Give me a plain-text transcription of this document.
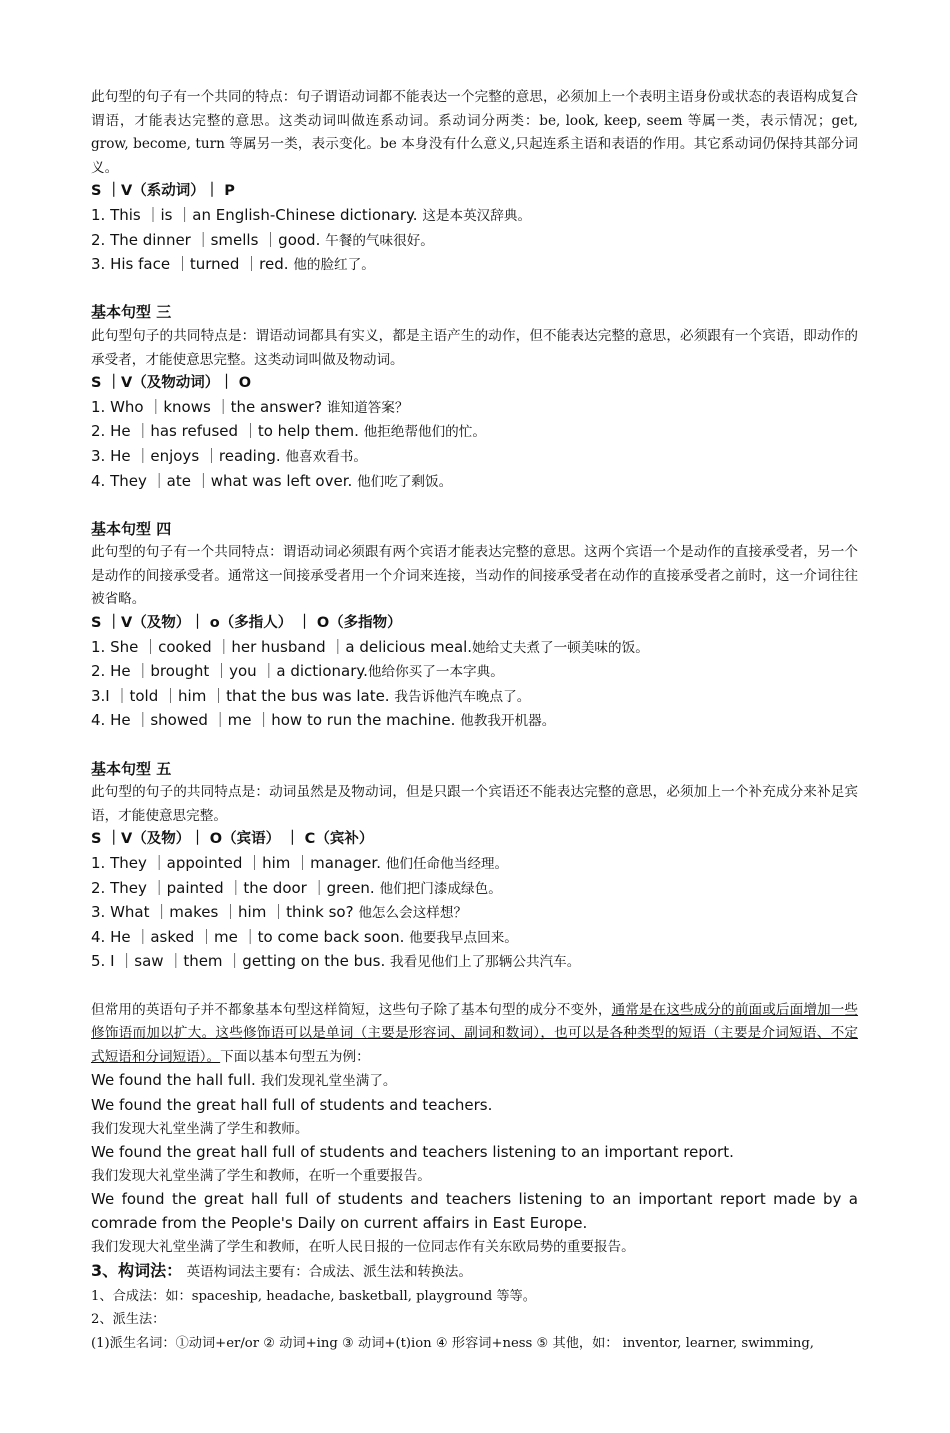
此句型的句子有一个共同的特点：句子谓语动词都不能表达一个完整的意思，必须加上一个表明主语身份或状态的表语构成复合谓语，才能表达完整的意思。这类动词叫做连系动词。系动词分两类：be, look, keep, seem 等属一类，表示情况；get, grow, become, turn 等属另一类，表示变化。be 本身没有什么意义,只起连系主语和表语的作用。其它系动词仍保持其部分词义。

S ｜V（系动词）｜ P

1. This ｜is ｜an English-Chinese dictionary. 这是本英汉辞典。

2. The dinner ｜smells ｜good. 午餐的气味很好。

3. His face ｜turned ｜red. 他的脸红了。

基本句型 三

此句型句子的共同特点是：谓语动词都具有实义，都是主语产生的动作，但不能表达完整的意思，必须跟有一个宾语，即动作的承受者，才能使意思完整。这类动词叫做及物动词。

S ｜V（及物动词）｜ O

1. Who ｜knows ｜the answer? 谁知道答案？

2. He ｜has refused ｜to help them. 他拒绝帮他们的忙。

3. He ｜enjoys ｜reading. 他喜欢看书。

4. They ｜ate ｜what was left over. 他们吃了剩饭。

基本句型 四

此句型的句子有一个共同特点：谓语动词必须跟有两个宾语才能表达完整的意思。这两个宾语一个是动作的直接承受者，另一个是动作的间接承受者。通常这一间接承受者用一个介词来连接，当动作的间接承受者在动作的直接承受者之前时，这一介词往往被省略。

S ｜V（及物）｜ o（多指人） ｜ O（多指物）

1. She ｜cooked ｜her husband ｜a delicious meal.她给丈夫煮了一顿美味的饭。

2. He ｜brought ｜you ｜a dictionary.他给你买了一本字典。

3.I ｜told ｜him ｜that the bus was late. 我告诉他汽车晚点了。

4. He ｜showed ｜me ｜how to run the machine. 他教我开机器。

基本句型 五

此句型的句子的共同特点是：动词虽然是及物动词，但是只跟一个宾语还不能表达完整的意思，必须加上一个补充成分来补足宾语，才能使意思完整。

S ｜V（及物）｜ O（宾语） ｜ C（宾补）

1. They ｜appointed ｜him ｜manager. 他们任命他当经理。

2. They ｜painted ｜the door ｜green. 他们把门漆成绿色。

3. What ｜makes ｜him ｜think so? 他怎么会这样想？

4. He ｜asked ｜me ｜to come back soon. 他要我早点回来。

5. I ｜saw ｜them ｜getting on the bus. 我看见他们上了那辆公共汽车。

但常用的英语句子并不都象基本句型这样简短，这些句子除了基本句型的成分不变外，通常是在这些成分的前面或后面增加一些修饰语而加以扩大。这些修饰语可以是单词（主要是形容词、副词和数词），也可以是各种类型的短语（主要是介词短语、不定式短语和分词短语）。下面以基本句型五为例：

We found the hall full. 我们发现礼堂坐满了。

We found the great hall full of students and teachers.

我们发现大礼堂坐满了学生和教师。

We found the great hall full of students and teachers listening to an important report.

我们发现大礼堂坐满了学生和教师，在听一个重要报告。

We found the great hall full of students and teachers listening to an important report made by a comrade from the People's Daily on current affairs in East Europe.

我们发现大礼堂坐满了学生和教师，在听人民日报的一位同志作有关东欧局势的重要报告。

3、构词法： 英语构词法主要有：合成法、派生法和转换法。

1、合成法：如：spaceship, headache, basketball, playground 等等。

2、派生法：

(1)派生名词：①动词+er/or ② 动词+ing ③ 动词+(t)ion ④ 形容词+ness ⑤ 其他，如： inventor, learner, swimming,
